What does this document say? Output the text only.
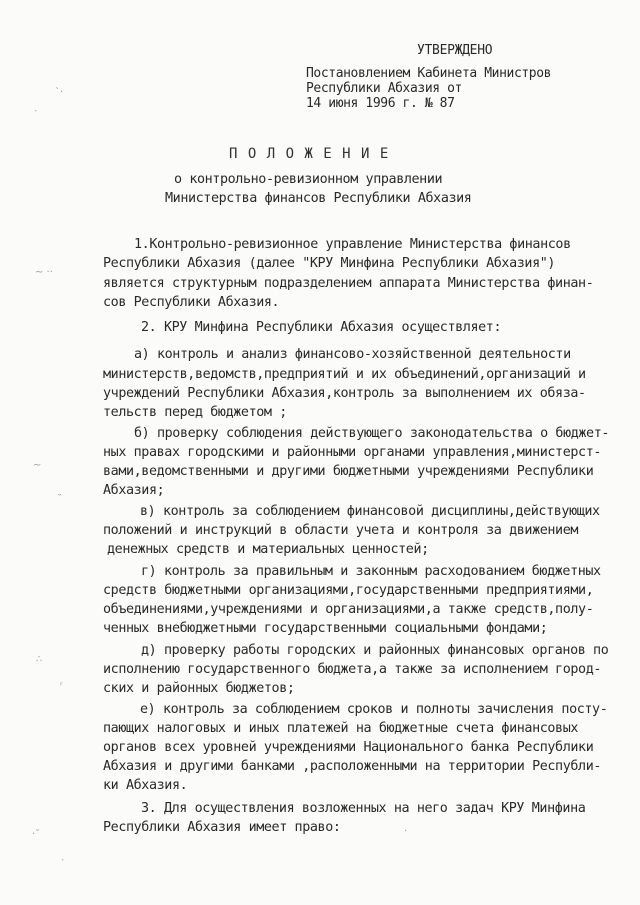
УТВЕРЖДЕНО
Постановлением Кабинета Министров
Республики Абхазия от
14 июня 1996 г. № 87
П О Л О Ж Е Н И Е
о контрольно-ревизионном управлении
Министерства финансов Республики Абхазия
1.Контрольно-ревизионное управление Министерства финансов
Республики Абхазия (далее "КРУ Минфина Республики Абхазия")
является структурным подразделением аппарата Министерства финан-
сов Республики Абхазия.
2. КРУ Минфина Республики Абхазия осуществляет:
а) контроль и анализ финансово-хозяйственной деятельности
министерств,ведомств,предприятий и их объединений,организаций и
учреждений Республики Абхазия,контроль за выполнением их обяза-
тельств перед бюджетом ;
б) проверку соблюдения действующего законодательства о бюджет-
ных правах городскими и районными органами управления,министерст-
вами,ведомственными и другими бюджетными учреждениями Республики
Абхазия;
в) контроль за соблюдением финансовой дисциплины,действующих
положений и инструкций в области учета и контроля за движением
денежных средств и материальных ценностей;
г) контроль за правильным и законным расходованием бюджетных
средств бюджетными организациями,государственными предприятиями,
объединениями,учреждениями и организациями,а также средств,полу-
ченных внебюджетными государственными социальными фондами;
д) проверку работы городских и районных финансовых органов по
исполнению государственного бюджета,а также за исполнением город-
ских и районных бюджетов;
е) контроль за соблюдением сроков и полноты зачисления посту-
пающих налоговых и иных платежей на бюджетные счета финансовых
органов всех уровней учреждениями Национального банка Республики
Абхазия и другими банками ,расположенными на территории Республи-
ки Абхазия.
3. Для осуществления возложенных на него задач КРУ Минфина
Республики Абхазия имеет право:
ˋ·
˴
~ ··
~
˵
∴
ʳ
·˘
˴
·
